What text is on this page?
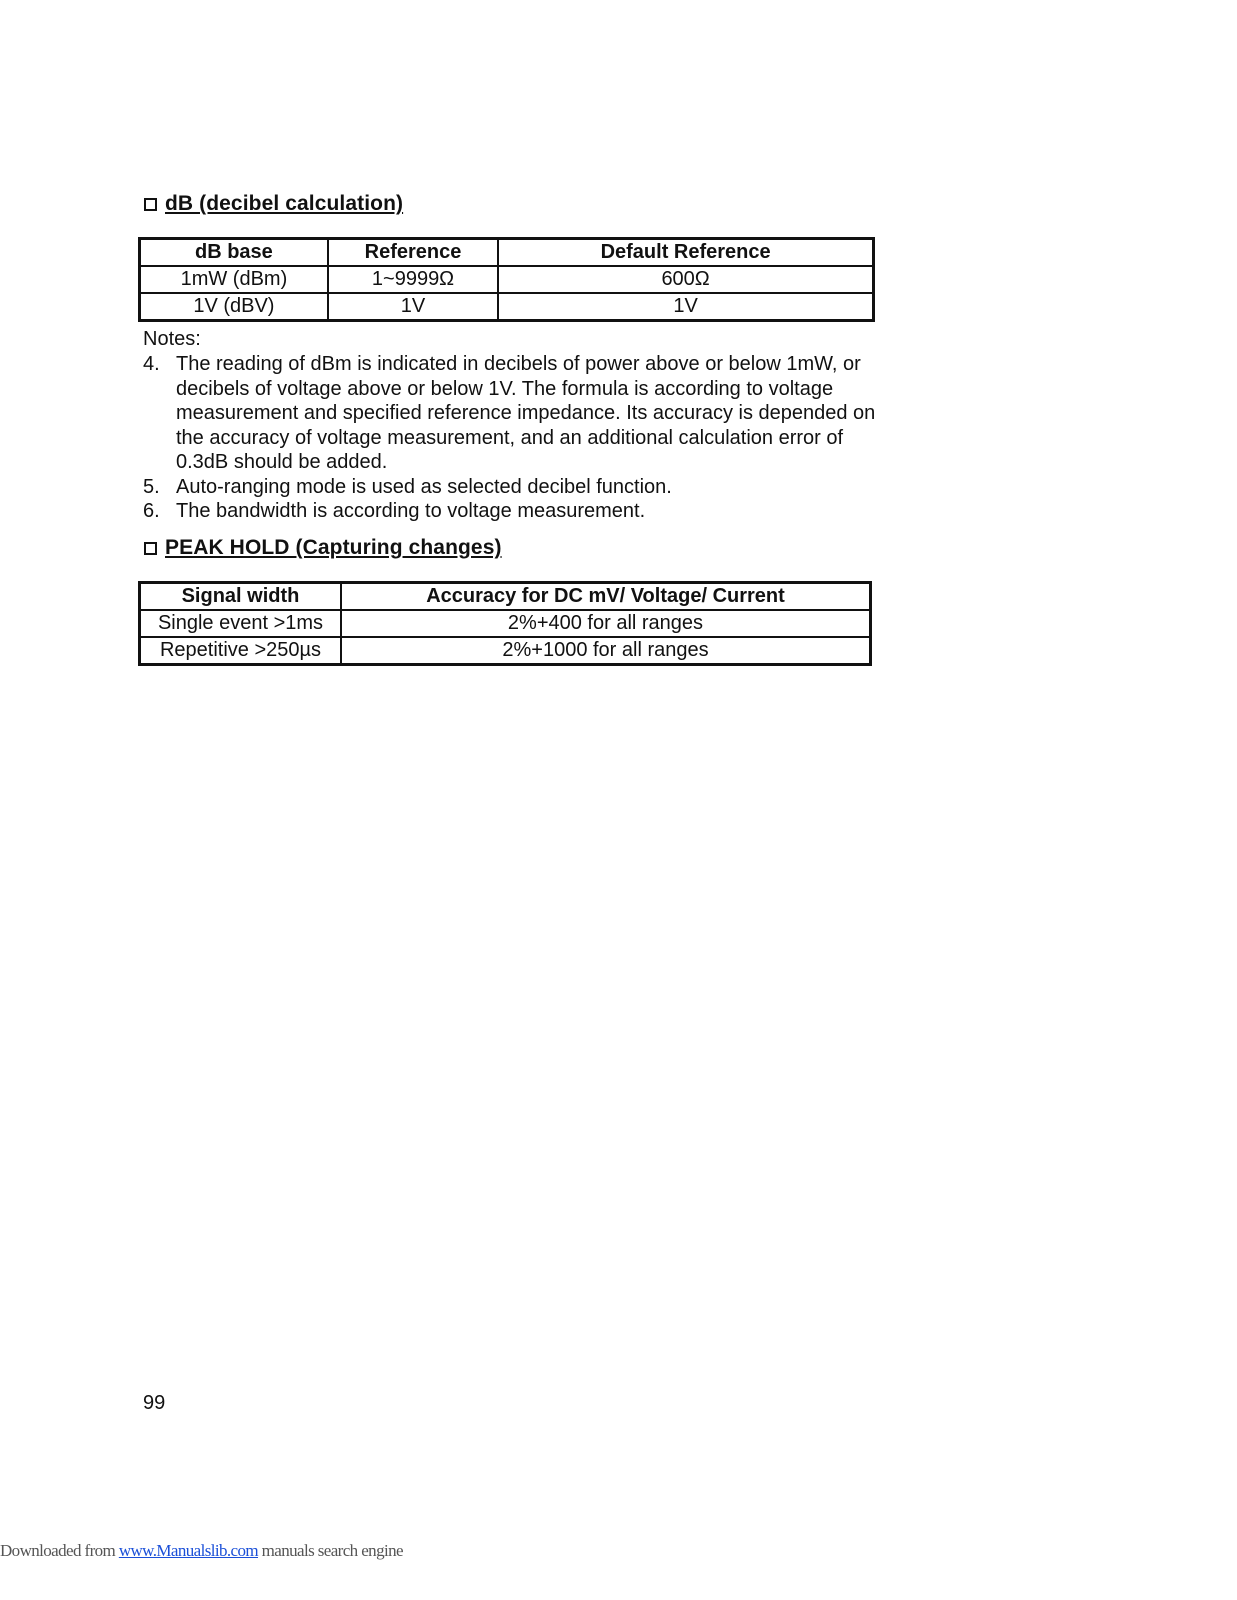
dB (decibel calculation)
dB base	Reference	Default Reference
1mW (dBm)	1~9999Ω	600Ω
1V (dBV)	1V	1V
Notes:
4. The reading of dBm is indicated in decibels of power above or below 1mW, or decibels of voltage above or below 1V. The formula is according to voltage measurement and specified reference impedance. Its accuracy is depended on the accuracy of voltage measurement, and an additional calculation error of 0.3dB should be added.
5. Auto-ranging mode is used as selected decibel function.
6. The bandwidth is according to voltage measurement.
PEAK HOLD (Capturing changes)
Signal width	Accuracy for DC mV/ Voltage/ Current
Single event >1ms	2%+400 for all ranges
Repetitive >250µs	2%+1000 for all ranges
99
Downloaded from www.Manualslib.com manuals search engine
